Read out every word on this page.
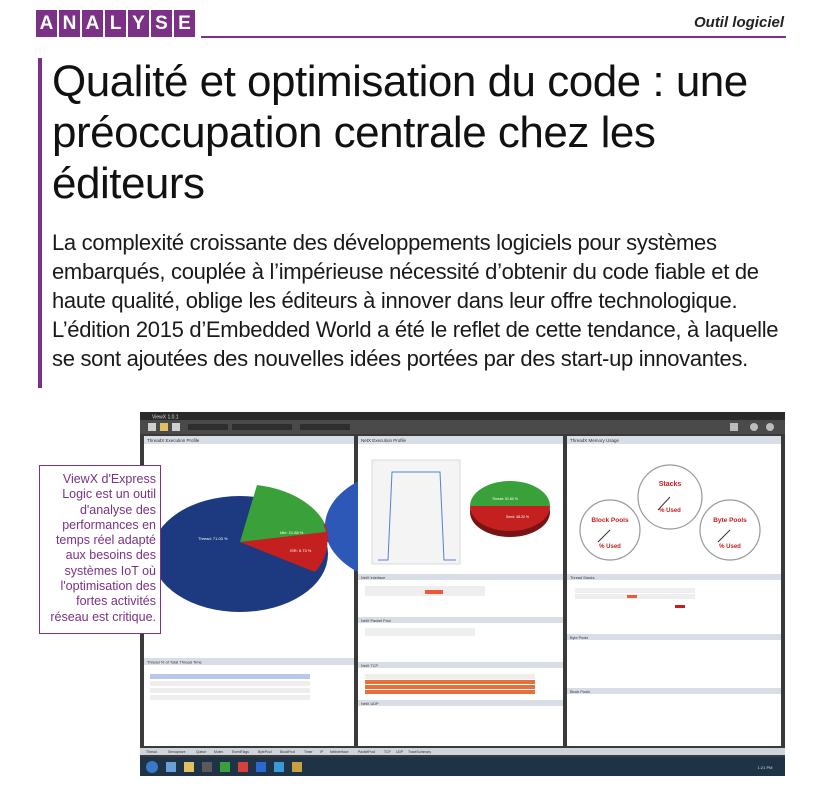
A N A L Y S E	Outil logiciel
Qualité et optimisation du code : une préoccupation centrale chez les éditeurs

La complexité croissante des développements logiciels pour systèmes embarqués, couplée à l’impérieuse nécessité d’obtenir du code fiable et de haute qualité, oblige les éditeurs à innover dans leur offre technologique. L’édition 2015 d’Embedded World a été le reflet de cette tendance, à laquelle se sont ajoutées des nouvelles idées portées par des start-up innovantes.

ViewX d'Express Logic est un outil d'analyse des performances en temps réel adapté aux besoins des systèmes IoT où l'optimisation des fortes activités réseau est critique.
ViewX 1.0.1
ThreadX Execution Profile
Thread: 71.03 %
Idle: 21.88 %
ISR: 6.73 %
Thread % of Total Thread Time
NetX Execution Profile
Thread: 51.80 %
Send: 48.20 %
NetX Interface
NetX Packet Pool
NetX TCP
NetX UDP
ThreadX Memory Usage
Stacks
% Used
Block Pools
% Used
Byte Pools
% Used
Thread Stacks
Byte Pools
Block Pools
Thread	Semaphore	Queue Mutex	EventFlags	BytePool BlockPool	Timer IP NetInterface	PacketPool	TCP UDP TraceSummary
1:21 PM
